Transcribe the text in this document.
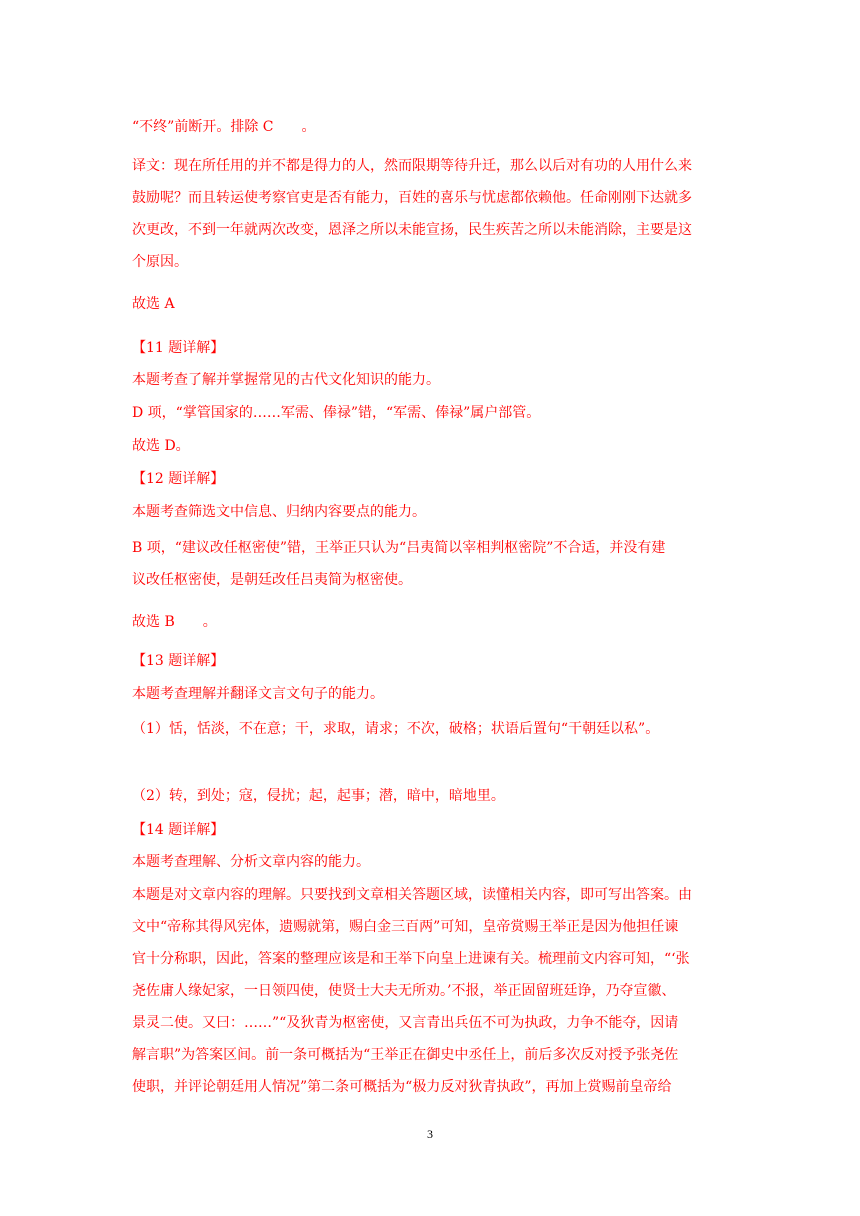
“不终”前断开。排除 C　　。
译文：现在所任用的并不都是得力的人，然而限期等待升迁，那么以后对有功的人用什么来
鼓励呢？而且转运使考察官吏是否有能力，百姓的喜乐与忧虑都依赖他。任命刚刚下达就多
次更改，不到一年就两次改变，恩泽之所以未能宣扬，民生疾苦之所以未能消除，主要是这
个原因。
故选 A
【11 题详解】
本题考查了解并掌握常见的古代文化知识的能力。
D 项，“掌管国家的……军需、俸禄”错，“军需、俸禄”属户部管。
故选 D。
【12 题详解】
本题考查筛选文中信息、归纳内容要点的能力。
B 项，“建议改任枢密使”错，王举正只认为“吕夷简以宰相判枢密院”不合适，并没有建
议改任枢密使，是朝廷改任吕夷简为枢密使。
故选 B　　。
【13 题详解】
本题考查理解并翻译文言文句子的能力。
（1）恬，恬淡，不在意；干，求取，请求；不次，破格；状语后置句“干朝廷以私”。
（2）转，到处；寇，侵扰；起，起事；潜，暗中，暗地里。
【14 题详解】
本题考查理解、分析文章内容的能力。
本题是对文章内容的理解。只要找到文章相关答题区域，读懂相关内容，即可写出答案。由
文中“帝称其得风宪体，遗赐就第，赐白金三百两”可知，皇帝赏赐王举正是因为他担任谏
官十分称职，因此，答案的整理应该是和王举下向皇上进谏有关。梳理前文内容可知，“‘张
尧佐庸人缘妃家，一日领四使，使贤士大夫无所劝。’不报，举正固留班廷诤，乃夺宣徽、
景灵二使。又曰：……”“及狄青为枢密使，又言青出兵伍不可为执政，力争不能夺，因请
解言职”为答案区间。前一条可概括为“王举正在御史中丞任上，前后多次反对授予张尧佐
使职，并评论朝廷用人情况”第二条可概括为“极力反对狄青执政”，再加上赏赐前皇帝给
3
